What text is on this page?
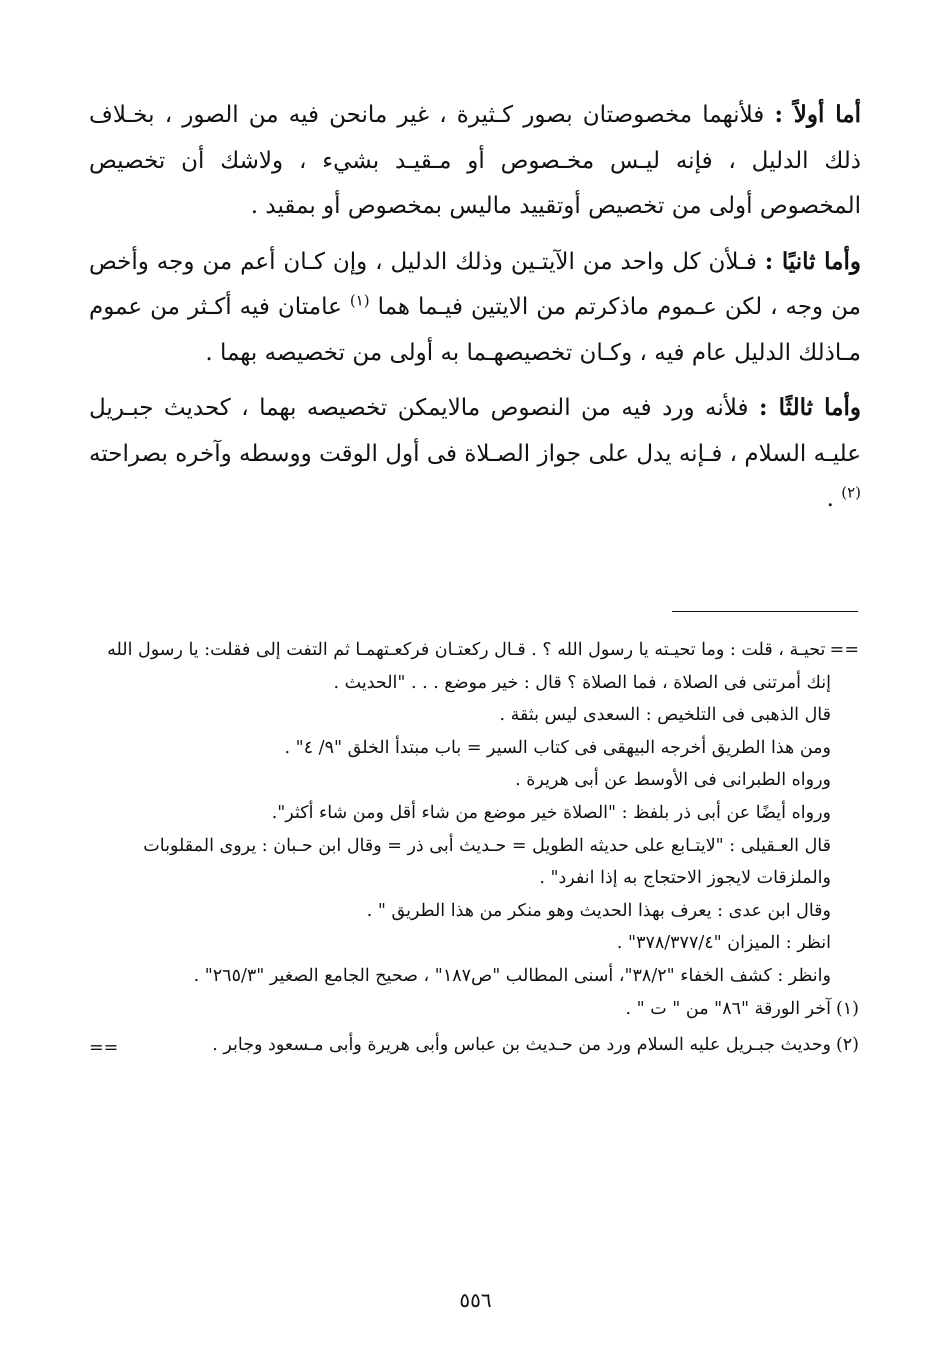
أما أولاً : فلأنهما مخصوصتان بصور كـثيرة ، غير مانحن فيه من الصور ، بخـلاف ذلك الدليل ، فإنه ليـس مخـصوص أو مـقيـد بشيء ، ولاشك أن تخصيص المخصوص أولى من تخصيص أوتقييد ماليس بمخصوص أو بمقيد .

وأما ثانيًا : فـلأن كل واحد من الآيتـين وذلك الدليل ، وإن كـان أعم من وجه وأخص من وجه ، لكن عـموم ماذكرتم من الايتين فيـما هما $^{(١)}$ عامتان فيه أكـثر من عموم مـاذلك الدليل عام فيه ، وكـان تخصيصهـما به أولى من تخصيصه بهما .

وأما ثالثًا : فلأنه ورد فيه من النصوص مالايمكن تخصيصه بهما ، كحديث جبـريل عليـه السلام ، فـإنه يدل على جواز الصـلاة فى أول الوقت ووسطه وآخره بصراحته $^{(٢)}$ .

== تحيـة ، قلت : وما تحيـته يا رسول الله ؟ . قـال ركعتـان فركعـتهمـا ثم التفت إلى فقلت: يا رسول الله إنك أمرتنى فى الصلاة ، فما الصلاة ؟ قال : خير موضع . . . "الحديث .

قال الذهبى فى التلخيص : السعدى ليس بثقة .

ومن هذا الطريق أخرجه البيهقى فى كتاب السير = باب مبتدأ الخلق "٩/ ٤" .

ورواه الطبرانى فى الأوسط عن أبى هريرة .

ورواه أيضًا عن أبى ذر بلفظ : "الصلاة خير موضع من شاء أقل ومن شاء أكثر".

قال العـقيلى : "لايتـابع على حديثه الطويل = حـديث أبى ذر = وقال ابن حـبان : يروى المقلوبات والملزقات لايجوز الاحتجاج به إذا انفرد" .

وقال ابن عدى : يعرف بهذا الحديث وهو منكر من هذا الطريق " .

انظر : الميزان "٣٧٨/٣٧٧/٤" .

وانظر : كشف الخفاء "٣٨/٢"، أسنى المطالب "ص١٨٧" ، صحيح الجامع الصغير "٢٦٥/٣" .

(١)آخر الورقة "٨٦" من " ت " .

(٢)وحديث جبـريل عليه السلام ورد من حـديث بن عباس وأبى هريرة وأبى مـسعود وجابر .

==

٥٥٦
